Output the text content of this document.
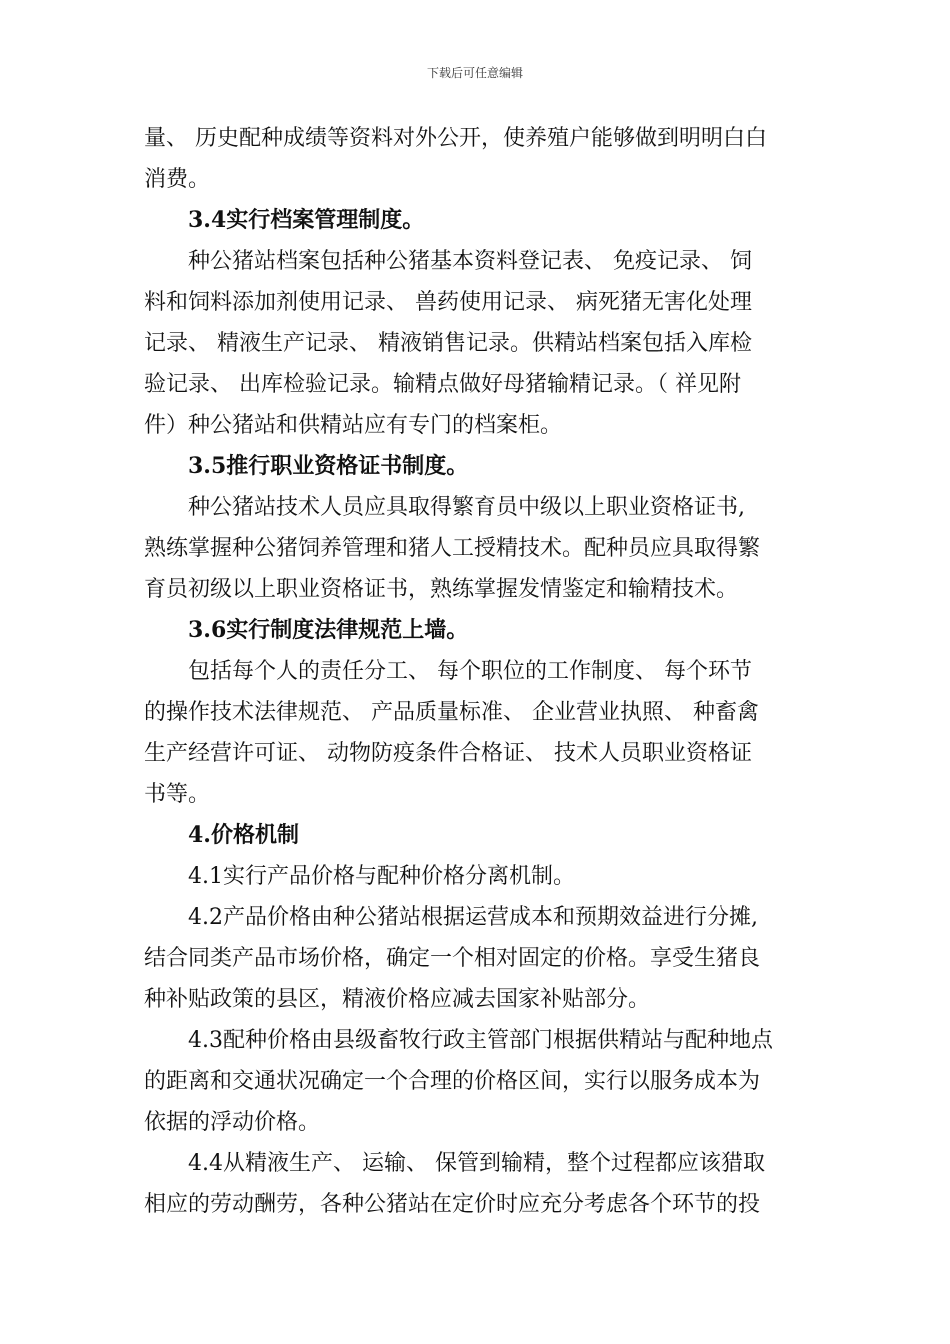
下载后可任意编辑
量、 历史配种成绩等资料对外公开，使养殖户能够做到明明白白
消费。
3.4实行档案管理制度。
种公猪站档案包括种公猪基本资料登记表、 免疫记录、 饲
料和饲料添加剂使用记录、 兽药使用记录、 病死猪无害化处理
记录、 精液生产记录、 精液销售记录。供精站档案包括入库检
验记录、 出库检验记录。输精点做好母猪输精记录。（ 祥见附
件）种公猪站和供精站应有专门的档案柜。
3.5推行职业资格证书制度。
种公猪站技术人员应具取得繁育员中级以上职业资格证书,
熟练掌握种公猪饲养管理和猪人工授精技术。配种员应具取得繁
育员初级以上职业资格证书，熟练掌握发情鉴定和输精技术。
3.6实行制度法律规范上墙。
包括每个人的责任分工、 每个职位的工作制度、 每个环节
的操作技术法律规范、 产品质量标准、 企业营业执照、 种畜禽
生产经营许可证、 动物防疫条件合格证、 技术人员职业资格证
书等。
4.价格机制
4.1实行产品价格与配种价格分离机制。
4.2产品价格由种公猪站根据运营成本和预期效益进行分摊,
结合同类产品市场价格，确定一个相对固定的价格。享受生猪良
种补贴政策的县区，精液价格应减去国家补贴部分。
4.3配种价格由县级畜牧行政主管部门根据供精站与配种地点
的距离和交通状况确定一个合理的价格区间，实行以服务成本为
依据的浮动价格。
4.4从精液生产、 运输、 保管到输精，整个过程都应该猎取
相应的劳动酬劳，各种公猪站在定价时应充分考虑各个环节的投
